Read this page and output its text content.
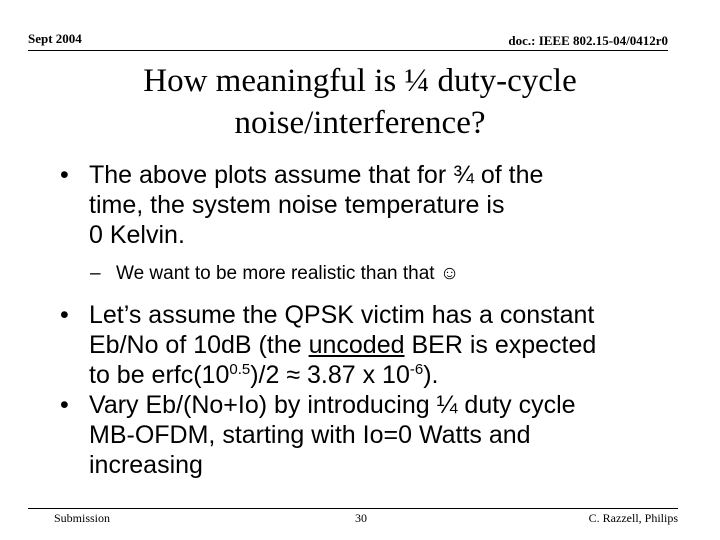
Sept 2004	doc.: IEEE 802.15-04/0412r0
How meaningful is ¼ duty-cycle
noise/interference?
• The above plots assume that for ¾ of the
time, the system noise temperature is
0 Kelvin.
– We want to be more realistic than that ☺
• Let’s assume the QPSK victim has a constant
Eb/No of 10dB (the uncoded BER is expected
to be $erfc(10^{0.5})/2 \approx 3.87$ x $10^{-6}$).
• Vary Eb/(No+Io) by introducing ¼ duty cycle
MB-OFDM, starting with Io=0 Watts and
increasing
Submission	30	C. Razzell, Philips
